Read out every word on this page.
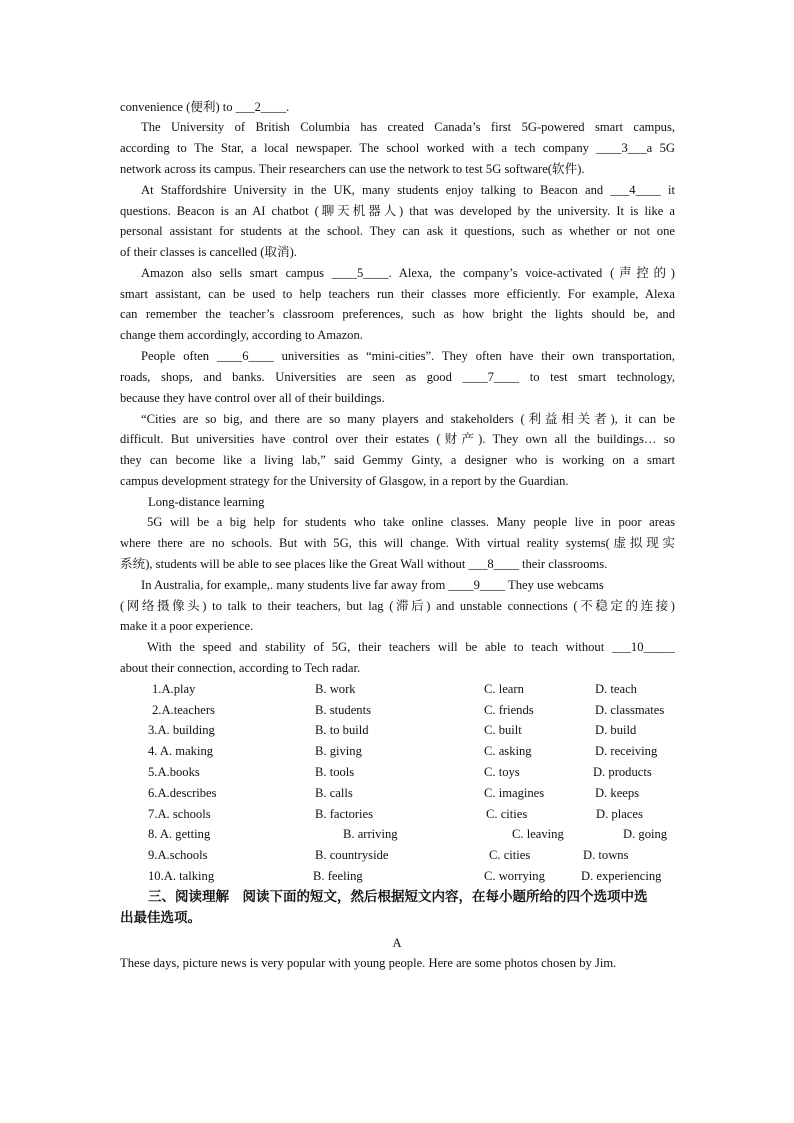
convenience (便利) to ___2____.
The University of British Columbia has created Canada’s first 5G-powered smart campus,
according to The Star, a local newspaper. The school worked with a tech company ____3___a 5G
network across its campus. Their researchers can use the network to test 5G software(软件).
At Staffordshire University in the UK, many students enjoy talking to Beacon and ___4____ it
questions. Beacon is an AI chatbot (聊天机器人) that was developed by the university. It is like a
personal assistant for students at the school. They can ask it questions, such as whether or not one
of their classes is cancelled (取消).
Amazon also sells smart campus ____5____. Alexa, the company’s voice-activated (声控的)
smart assistant, can be used to help teachers run their classes more efficiently. For example, Alexa
can remember the teacher’s classroom preferences, such as how bright the lights should be, and
change them accordingly, according to Amazon.
People often ____6____ universities as “mini-cities”. They often have their own transportation,
roads, shops, and banks. Universities are seen as good ____7____ to test smart technology,
because they have control over all of their buildings.
“Cities are so big, and there are so many players and stakeholders (利益相关者), it can be
difficult. But universities have control over their estates (财产). They own all the buildings… so
they can become like a living lab,” said Gemmy Ginty, a designer who is working on a smart
campus development strategy for the University of Glasgow, in a report by the Guardian.
Long-distance learning
5G will be a big help for students who take online classes. Many people live in poor areas
where there are no schools. But with 5G, this will change. With virtual reality systems(虚拟现实
系统), students will be able to see places like the Great Wall without ___8____ their classrooms.
In Australia, for example,. many students live far away from ____9____ They use webcams
(网络摄像头) to talk to their teachers, but lag (滞后) and unstable connections (不稳定的连接)
make it a poor experience.
With the speed and stability of 5G, their teachers will be able to teach without ___10_____
about their connection, according to Tech radar.
1.A.play	B. work	C. learn	D. teach
2.A.teachers	B. students	C. friends	D. classmates
3.A. building	B. to build	C. built	D. build
4. A. making	B. giving	C. asking	D. receiving
5.A.books	B. tools	C. toys	D. products
6.A.describes	B. calls	C. imagines	D. keeps
7.A. schools	B. factories	C. cities	D. places
8. A. getting	B. arriving	C. leaving	D. going
9.A.schools	B. countryside	C. cities	D. towns
10.A. talking	B. feeling	C. worrying	D. experiencing
三、阅读理解　阅读下面的短文，然后根据短文内容，在每小题所给的四个选项中选
出最佳选项。
A
These days, picture news is very popular with young people. Here are some photos chosen by Jim.
